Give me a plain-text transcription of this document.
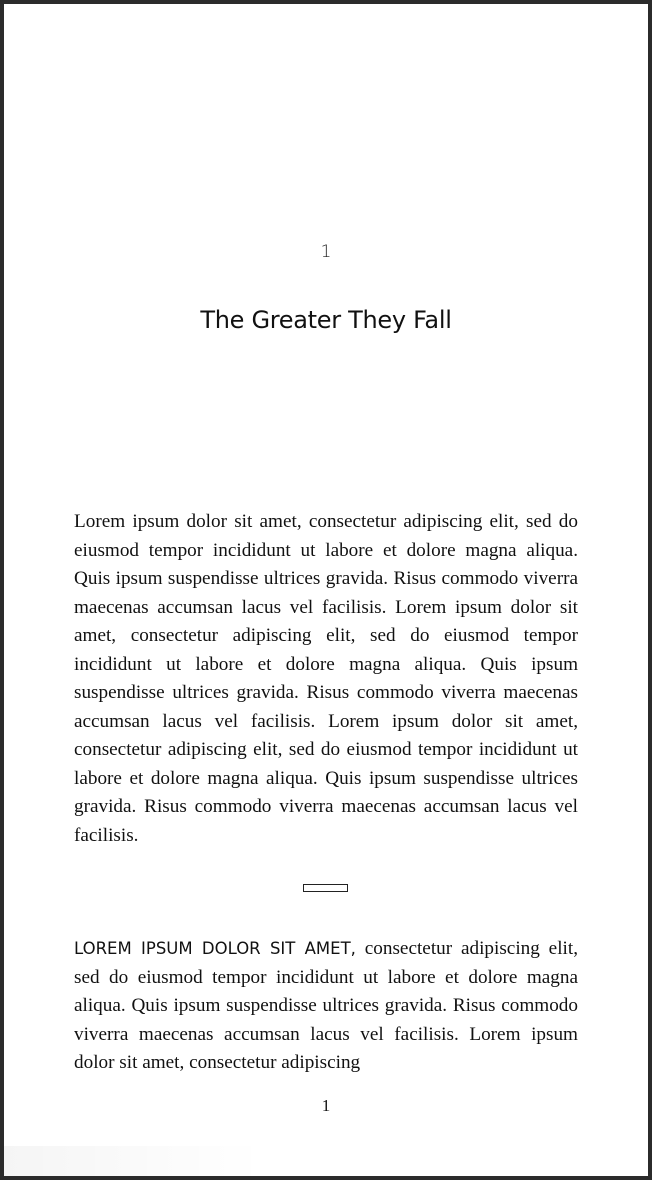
1
The Greater They Fall

Lorem ipsum dolor sit amet, consectetur adipiscing elit, sed do eiusmod tempor incididunt ut labore et dolore magna aliqua. Quis ipsum suspendisse ultrices gravida. Risus commodo viverra maecenas accumsan lacus vel facilisis. Lorem ipsum dolor sit amet, consectetur adipiscing elit, sed do eiusmod tempor incididunt ut labore et dolore magna aliqua. Quis ipsum suspendisse ultrices gravida. Risus commodo viverra maecenas accumsan lacus vel facilisis. Lorem ipsum dolor sit amet, consectetur adipiscing elit, sed do eiusmod tempor incididunt ut labore et dolore magna aliqua. Quis ipsum suspendisse ultrices gravida. Risus commodo viverra maecenas accumsan lacus vel facilisis.

LOREM IPSUM DOLOR SIT AMET, consectetur adipiscing elit, sed do eiusmod tempor incididunt ut labore et dolore magna aliqua. Quis ipsum suspendisse ultrices gravida. Risus commodo viverra maecenas accumsan lacus vel facilisis. Lorem ipsum dolor sit amet, consectetur adipiscing

1
